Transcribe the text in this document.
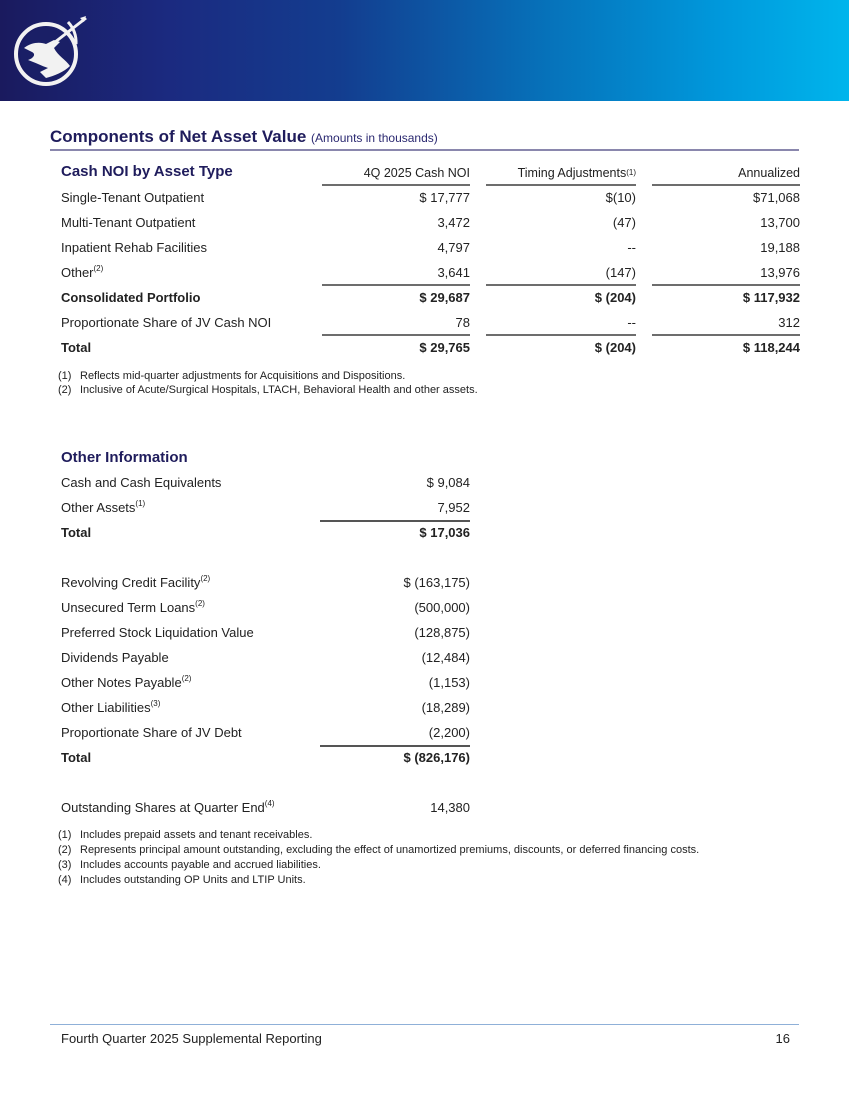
Components of Net Asset Value (Amounts in thousands)
Cash NOI by Asset Type	4Q 2025 Cash NOI	Timing Adjustments$^{(1)}$	Annualized
Single-Tenant Outpatient	$ 17,777	$(10)	$71,068
Multi-Tenant Outpatient	3,472	(47)	13,700
Inpatient Rehab Facilities	4,797	--	19,188
Other$^{(2)}$	3,641	(147)	13,976
Consolidated Portfolio	$ 29,687	$ (204)	$ 117,932
Proportionate Share of JV Cash NOI	78	--	312
Total	$ 29,765	$ (204)	$ 118,244
(1) Reflects mid-quarter adjustments for Acquisitions and Dispositions.
(2) Inclusive of Acute/Surgical Hospitals, LTACH, Behavioral Health and other assets.
Other Information
Cash and Cash Equivalents	$ 9,084
Other Assets$^{(1)}$	7,952
Total	$ 17,036
Revolving Credit Facility$^{(2)}$	$ (163,175)
Unsecured Term Loans$^{(2)}$	(500,000)
Preferred Stock Liquidation Value	(128,875)
Dividends Payable	(12,484)
Other Notes Payable$^{(2)}$	(1,153)
Other Liabilities$^{(3)}$	(18,289)
Proportionate Share of JV Debt	(2,200)
Total	$ (826,176)
Outstanding Shares at Quarter End$^{(4)}$	14,380
(1) Includes prepaid assets and tenant receivables.
(2) Represents principal amount outstanding, excluding the effect of unamortized premiums, discounts, or deferred financing costs.
(3) Includes accounts payable and accrued liabilities.
(4) Includes outstanding OP Units and LTIP Units.
Fourth Quarter 2025 Supplemental Reporting	16
